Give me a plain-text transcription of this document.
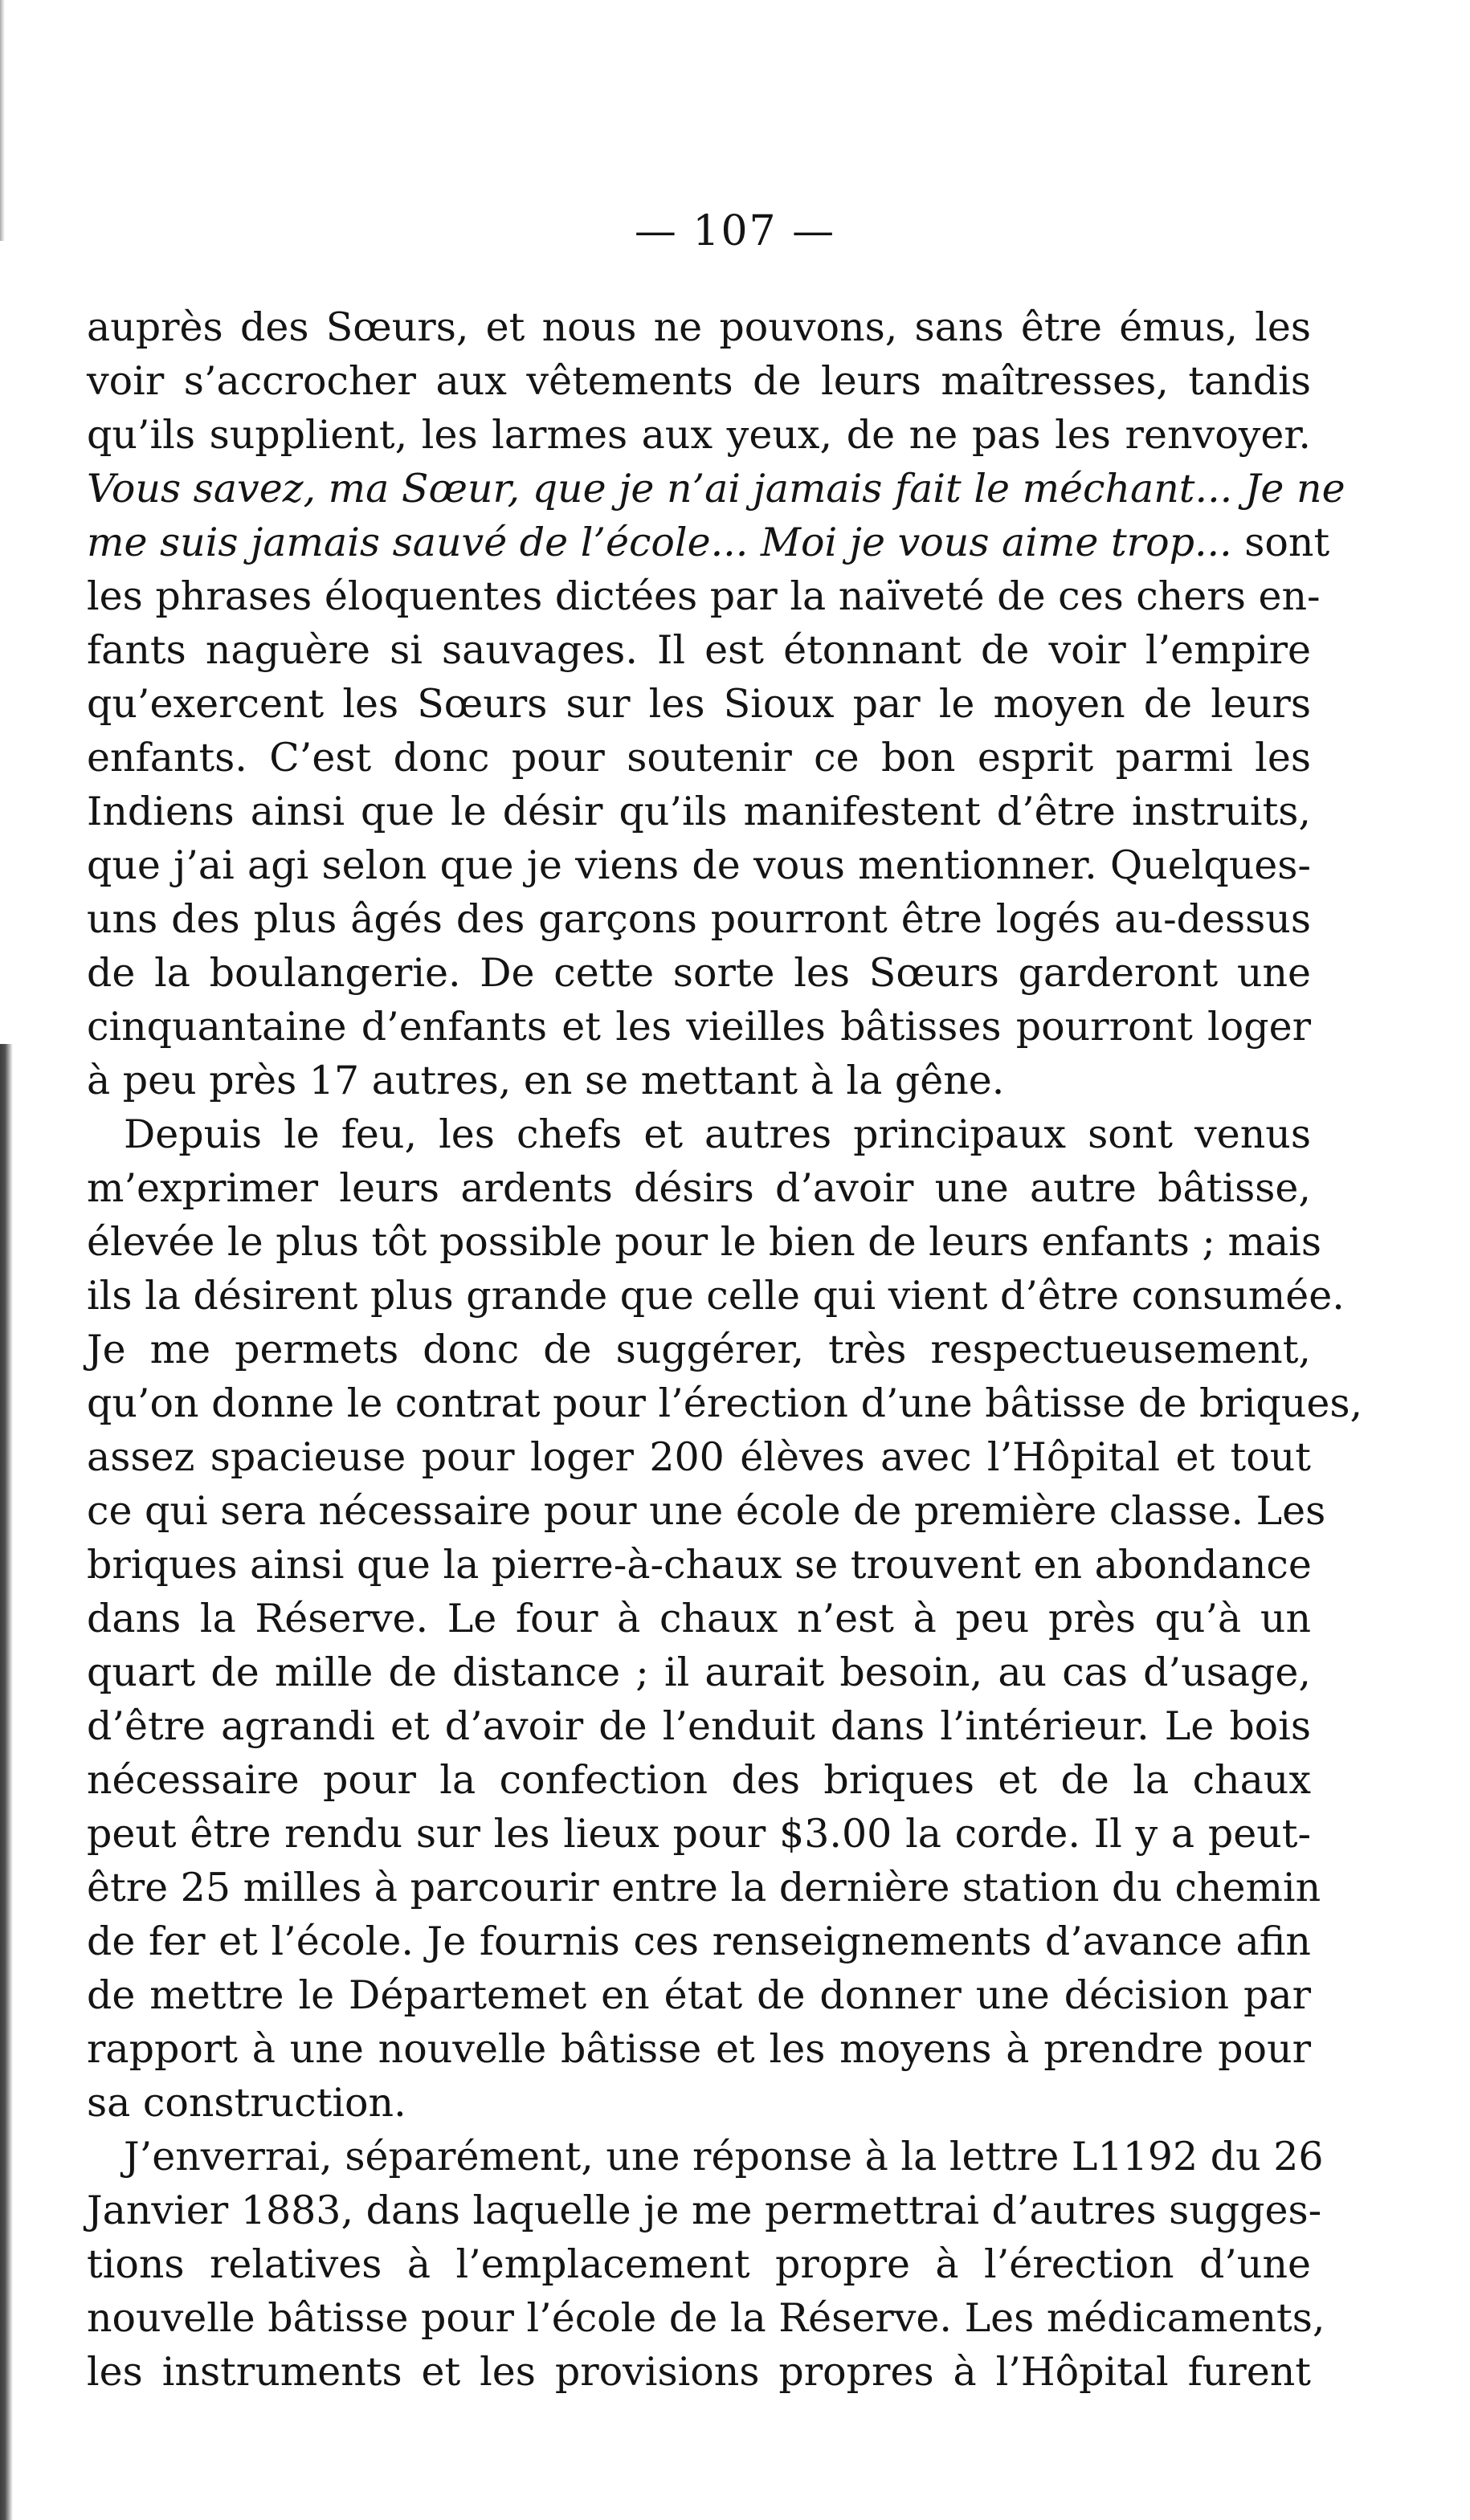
— 107 —
auprès des Sœurs, et nous ne pouvons, sans être émus, les
voir s’accrocher aux vêtements de leurs maîtresses, tandis
qu’ils supplient, les larmes aux yeux, de ne pas les renvoyer.
Vous savez, ma Sœur, que je n’ai jamais fait le méchant... Je ne
me suis jamais sauvé de l’école... Moi je vous aime trop... sont
les phrases éloquentes dictées par la naïveté de ces chers en-
fants naguère si sauvages. Il est étonnant de voir l’empire
qu’exercent les Sœurs sur les Sioux par le moyen de leurs
enfants. C’est donc pour soutenir ce bon esprit parmi les
Indiens ainsi que le désir qu’ils manifestent d’être instruits,
que j’ai agi selon que je viens de vous mentionner. Quelques-
uns des plus âgés des garçons pourront être logés au-dessus
de la boulangerie. De cette sorte les Sœurs garderont une
cinquantaine d’enfants et les vieilles bâtisses pourront loger
à peu près 17 autres, en se mettant à la gêne.
Depuis le feu, les chefs et autres principaux sont venus
m’exprimer leurs ardents désirs d’avoir une autre bâtisse,
élevée le plus tôt possible pour le bien de leurs enfants ; mais
ils la désirent plus grande que celle qui vient d’être consumée.
Je me permets donc de suggérer, très respectueusement,
qu’on donne le contrat pour l’érection d’une bâtisse de briques,
assez spacieuse pour loger 200 élèves avec l’Hôpital et tout
ce qui sera nécessaire pour une école de première classe. Les
briques ainsi que la pierre-à-chaux se trouvent en abondance
dans la Réserve. Le four à chaux n’est à peu près qu’à un
quart de mille de distance ; il aurait besoin, au cas d’usage,
d’être agrandi et d’avoir de l’enduit dans l’intérieur. Le bois
nécessaire pour la confection des briques et de la chaux
peut être rendu sur les lieux pour $3.00 la corde. Il y a peut-
être 25 milles à parcourir entre la dernière station du chemin
de fer et l’école. Je fournis ces renseignements d’avance afin
de mettre le Départemet en état de donner une décision par
rapport à une nouvelle bâtisse et les moyens à prendre pour
sa construction.
J’enverrai, séparément, une réponse à la lettre L1192 du 26
Janvier 1883, dans laquelle je me permettrai d’autres sugges-
tions relatives à l’emplacement propre à l’érection d’une
nouvelle bâtisse pour l’école de la Réserve. Les médicaments,
les instruments et les provisions propres à l’Hôpital furent
